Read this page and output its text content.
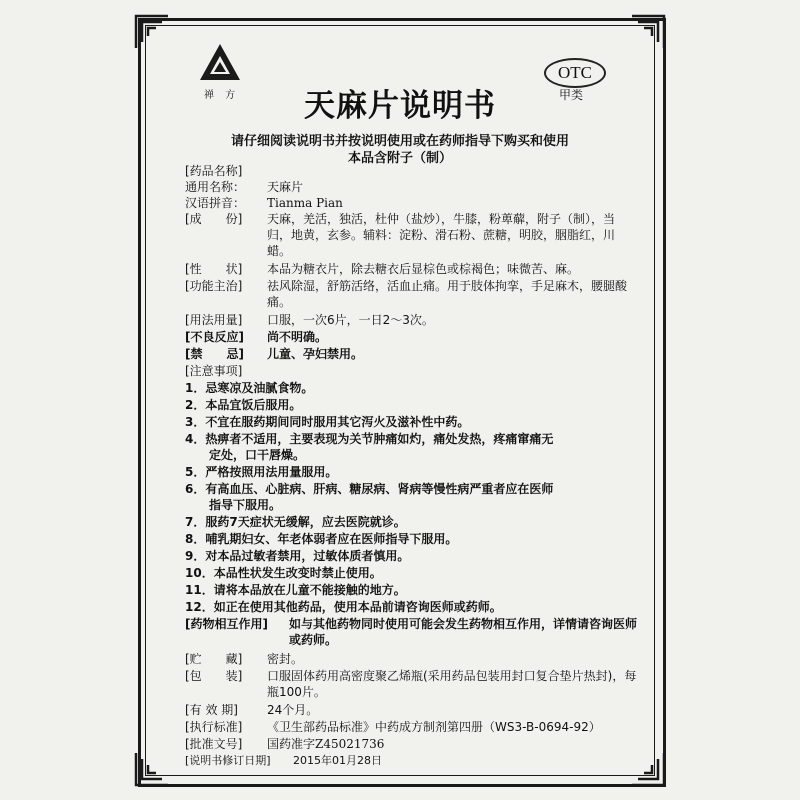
禅 方
OTC
甲类
天麻片说明书
请仔细阅读说明书并按说明使用或在药师指导下购买和使用
本品含附子（制）
[药品名称]
通用名称： 天麻片
汉语拼音： Tianma Pian
[成　　份] 天麻，羌活，独活，杜仲（盐炒），牛膝，粉萆薢，附子（制），当归，地黄，玄参。辅料：淀粉、滑石粉、蔗糖，明胶，胭脂红，川蜡。
[性　　状] 本品为糖衣片，除去糖衣后显棕色或棕褐色；味微苦、麻。
[功能主治] 祛风除湿，舒筋活络，活血止痛。用于肢体拘挛，手足麻木，腰腿酸痛。
[用法用量] 口服，一次6片，一日2～3次。
[不良反应] 尚不明确。
[禁　　忌] 儿童、孕妇禁用。
[注意事项]
1．忌寒凉及油腻食物。
2．本品宜饭后服用。
3．不宜在服药期间同时服用其它泻火及滋补性中药。
4．热痹者不适用，主要表现为关节肿痛如灼，痛处发热，疼痛窜痛无
　　定处，口干唇燥。
5．严格按照用法用量服用。
6．有高血压、心脏病、肝病、糖尿病、肾病等慢性病严重者应在医师
　　指导下服用。
7．服药7天症状无缓解，应去医院就诊。
8．哺乳期妇女、年老体弱者应在医师指导下服用。
9．对本品过敏者禁用，过敏体质者慎用。
10．本品性状发生改变时禁止使用。
11．请将本品放在儿童不能接触的地方。
12．如正在使用其他药品，使用本品前请咨询医师或药师。
[药物相互作用] 如与其他药物同时使用可能会发生药物相互作用，详情请咨询医师或药师。
[贮　　藏] 密封。
[包　　装] 口服固体药用高密度聚乙烯瓶(采用药品包装用封口复合垫片热封)，每瓶100片。
[有 效 期] 24个月。
[执行标准] 《卫生部药品标准》中药成方制剂第四册（WS3-B-0694-92）
[批准文号] 国药准字Z45021736
[说明书修订日期] 2015年01月28日
